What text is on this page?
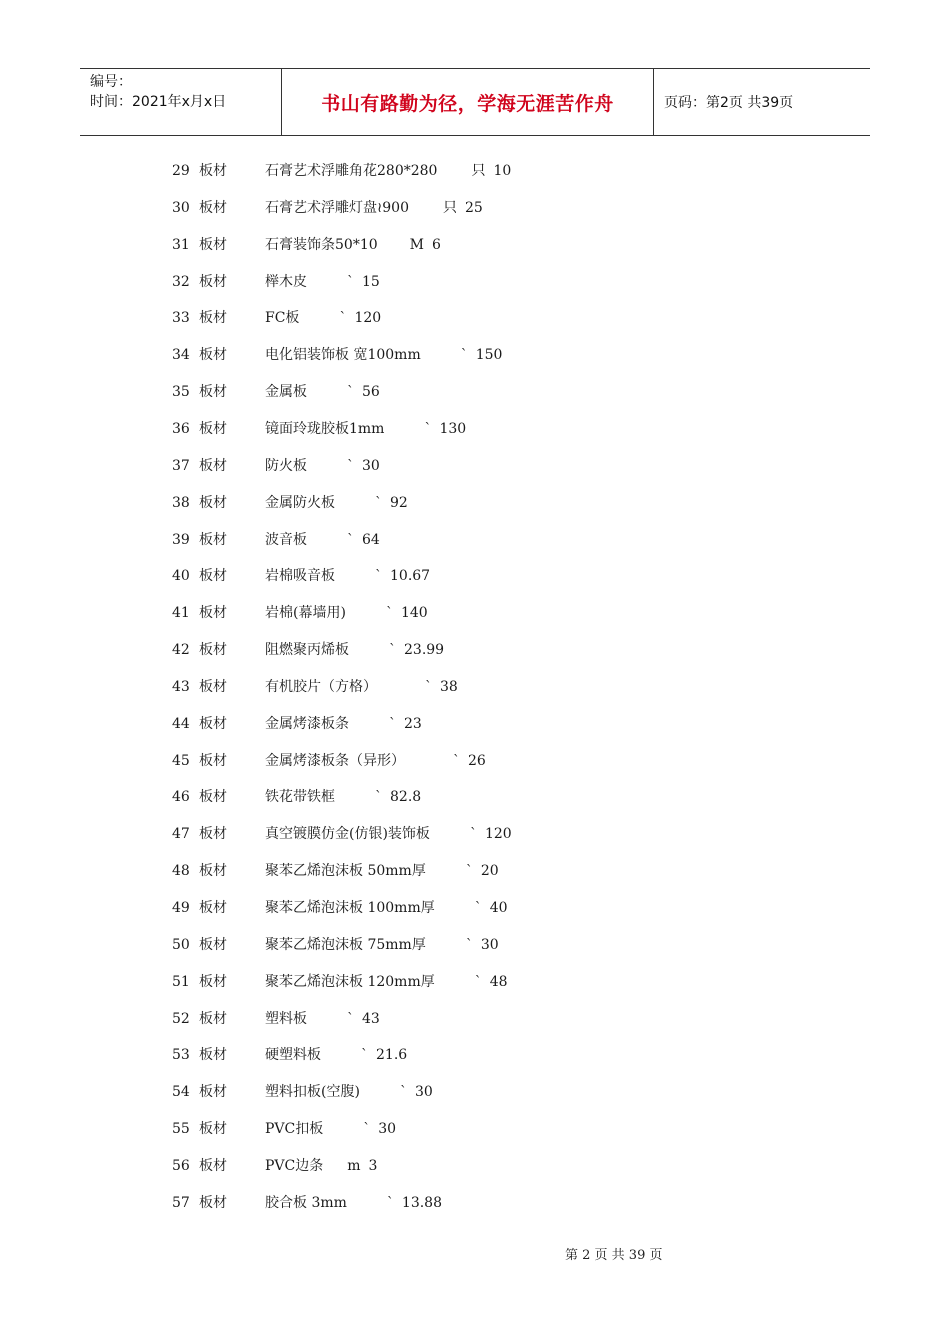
编号：
时间：2021年x月x日	书山有路勤为径，学海无涯苦作舟	页码：第2页 共39页
29 板材	石膏艺术浮雕角花280*280 只 10
30 板材	石膏艺术浮雕灯盘≀900 只 25
31 板材	石膏装饰条50*10 M 6
32 板材	榉木皮	` 15
33 板材	FC板	` 120
34 板材	电化铝装饰板 宽100mm	` 150
35 板材	金属板	` 56
36 板材	镜面玲珑胶板1mm	` 130
37 板材	防火板	` 30
38 板材	金属防火板	` 92
39 板材	波音板	` 64
40 板材	岩棉吸音板	` 10.67
41 板材	岩棉(幕墙用)	` 140
42 板材	阻燃聚丙烯板	` 23.99
43 板材	有机胶片（方格）	` 38
44 板材	金属烤漆板条	` 23
45 板材	金属烤漆板条（异形）	` 26
46 板材	铁花带铁框	` 82.8
47 板材	真空镀膜仿金(仿银)装饰板	` 120
48 板材	聚苯乙烯泡沫板 50mm厚	` 20
49 板材	聚苯乙烯泡沫板 100mm厚	` 40
50 板材	聚苯乙烯泡沫板 75mm厚	` 30
51 板材	聚苯乙烯泡沫板 120mm厚	` 48
52 板材	塑料板	` 43
53 板材	硬塑料板	` 21.6
54 板材	塑料扣板(空腹)	` 30
55 板材	PVC扣板	` 30
56 板材	PVC边条 m 3
57 板材	胶合板 3mm	` 13.88
第 2 页 共 39 页
